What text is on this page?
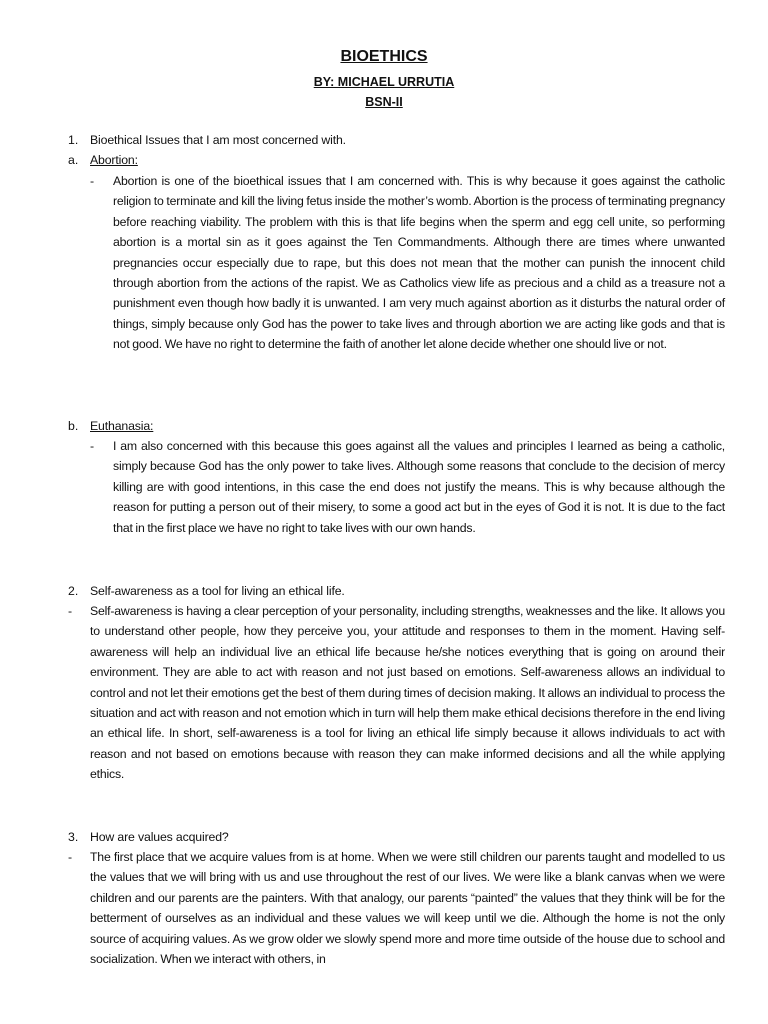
BIOETHICS
BY: MICHAEL URRUTIA
BSN-II
1. Bioethical Issues that I am most concerned with.
a. Abortion:
- Abortion is one of the bioethical issues that I am concerned with. This is why because it goes against the catholic religion to terminate and kill the living fetus inside the mother’s womb. Abortion is the process of terminating pregnancy before reaching viability. The problem with this is that life begins when the sperm and egg cell unite, so performing abortion is a mortal sin as it goes against the Ten Commandments. Although there are times where unwanted pregnancies occur especially due to rape, but this does not mean that the mother can punish the innocent child through abortion from the actions of the rapist. We as Catholics view life as precious and a child as a treasure not a punishment even though how badly it is unwanted. I am very much against abortion as it disturbs the natural order of things, simply because only God has the power to take lives and through abortion we are acting like gods and that is not good. We have no right to determine the faith of another let alone decide whether one should live or not.

b. Euthanasia:
- I am also concerned with this because this goes against all the values and principles I learned as being a catholic, simply because God has the only power to take lives. Although some reasons that conclude to the decision of mercy killing are with good intentions, in this case the end does not justify the means. This is why because although the reason for putting a person out of their misery, to some a good act but in the eyes of God it is not. It is due to the fact that in the first place we have no right to take lives with our own hands.

2. Self-awareness as a tool for living an ethical life.
- Self-awareness is having a clear perception of your personality, including strengths, weaknesses and the like. It allows you to understand other people, how they perceive you, your attitude and responses to them in the moment. Having self-awareness will help an individual live an ethical life because he/she notices everything that is going on around their environment. They are able to act with reason and not just based on emotions. Self-awareness allows an individual to control and not let their emotions get the best of them during times of decision making. It allows an individual to process the situation and act with reason and not emotion which in turn will help them make ethical decisions therefore in the end living an ethical life. In short, self-awareness is a tool for living an ethical life simply because it allows individuals to act with reason and not based on emotions because with reason they can make informed decisions and all the while applying ethics.

3. How are values acquired?
- The first place that we acquire values from is at home. When we were still children our parents taught and modelled to us the values that we will bring with us and use throughout the rest of our lives. We were like a blank canvas when we were children and our parents are the painters. With that analogy, our parents “painted” the values that they think will be for the betterment of ourselves as an individual and these values we will keep until we die. Although the home is not the only source of acquiring values. As we grow older we slowly spend more and more time outside of the house due to school and socialization. When we interact with others, in
